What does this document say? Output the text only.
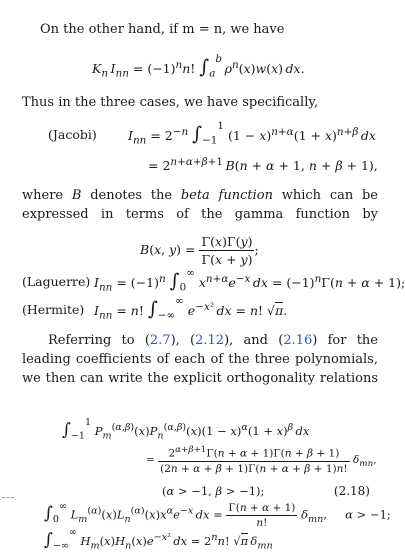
On the other hand, if m = n, we have
$K_n$  $I_{nn} = (-1)^nn$! $\int_a^b$ $\rho^n(x)w(x)$ dx.
Thus in the three cases, we have specifically,
(Jacobi)	$I_{nn} = 2^{-n}$ $\int_{-1}^1$ $(1 - x)^{n+\alpha}(1 + x)^{n+\beta}$  dx
= $2^{n+\alpha+\beta+1}$  B(n + α + 1, n + β + 1),
where B denotes the beta function which can be expressed in terms of the gamma function by
B(x, $y) = \frac{\Gamma(x)\Gamma(y)}{\Gamma(x + y)}$ ;
(Laguerre) $I_{nn} = (-1)^n$ $\int_0^\infty$ $x^{n+\alpha}e^{-x}$  dx = $(-1)^n\Gamma(n + \alpha + 1)$;
(Hermite) $I_{nn} = n$! $\int_{-\infty}^\infty$ $e^{-x^2}$  dx = n! √π.
Referring to (2.7), (2.12), and (2.16) for the leading coefficients of each of the three polynomials, we then can write the explicit orthogonality relations
$\int_{-1}^1$ $P_m^{(\alpha,\beta)}(x)P_n^{(\alpha,\beta)}(x)(1 - x)^\alpha(1 + x)^\beta$  dx
= $\frac{2^{\alpha+\beta+1}\Gamma(n + \alpha + 1)\Gamma(n + \beta + 1)}{(2n + \alpha + \beta + 1)\Gamma(n + \alpha + \beta + 1)n!} \delta_{mn}$,
(α > −1, β > −1);	(2.18)
$\int_0^\infty$ $L_m^{(\alpha)}(x)L_n^{(\alpha)}(x)x^\alpha e^{-x}$  dx = $\frac{\Gamma(n + \alpha + 1)}{n!} \delta_{mn}$,     α > −1;
$\int_{-\infty}^\infty$ $H_m(x)H_n(x)e^{-x^2}$  dx = $2^nn$! √π  $\delta_{mn}$
